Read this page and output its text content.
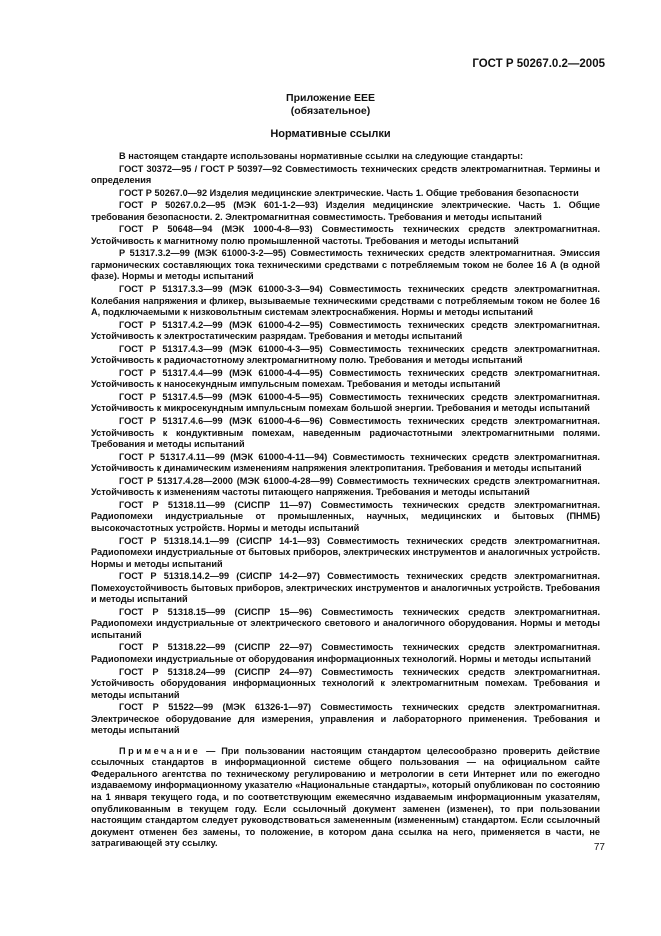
ГОСТ Р 50267.0.2—2005
Приложение ЕЕЕ
(обязательное)
Нормативные ссылки

В настоящем стандарте использованы нормативные ссылки на следующие стандарты:

ГОСТ 30372—95 / ГОСТ Р 50397—92 Совместимость технических средств электромагнитная. Термины и определения

ГОСТ Р 50267.0—92 Изделия медицинские электрические. Часть 1. Общие требования безопасности

ГОСТ Р 50267.0.2—95 (МЭК 601-1-2—93) Изделия медицинские электрические. Часть 1. Общие требования безопасности. 2. Электромагнитная совместимость. Требования и методы испытаний

ГОСТ Р 50648—94 (МЭК 1000-4-8—93) Совместимость технических средств электромагнитная. Устойчивость к магнитному полю промышленной частоты. Требования и методы испытаний

Р 51317.3.2—99 (МЭК 61000-3-2—95) Совместимость технических средств электромагнитная. Эмиссия гармонических составляющих тока техническими средствами с потребляемым током не более 16 А (в одной фазе). Нормы и методы испытаний

ГОСТ Р 51317.3.3—99 (МЭК 61000-3-3—94) Совместимость технических средств электромагнитная. Колебания напряжения и фликер, вызываемые техническими средствами с потребляемым током не более 16 А, подключаемыми к низковольтным системам электроснабжения. Нормы и методы испытаний

ГОСТ Р 51317.4.2—99 (МЭК 61000-4-2—95) Совместимость технических средств электромагнитная. Устойчивость к электростатическим разрядам. Требования и методы испытаний

ГОСТ Р 51317.4.3—99 (МЭК 61000-4-3—95) Совместимость технических средств электромагнитная. Устойчивость к радиочастотному электромагнитному полю. Требования и методы испытаний

ГОСТ Р 51317.4.4—99 (МЭК 61000-4-4—95) Совместимость технических средств электромагнитная. Устойчивость к наносекундным импульсным помехам. Требования и методы испытаний

ГОСТ Р 51317.4.5—99 (МЭК 61000-4-5—95) Совместимость технических средств электромагнитная. Устойчивость к микросекундным импульсным помехам большой энергии. Требования и методы испытаний

ГОСТ Р 51317.4.6—99 (МЭК 61000-4-6—96) Совместимость технических средств электромагнитная. Устойчивость к кондуктивным помехам, наведенным радиочастотными электромагнитными полями. Требования и методы испытаний

ГОСТ Р 51317.4.11—99 (МЭК 61000-4-11—94) Совместимость технических средств электромагнитная. Устойчивость к динамическим изменениям напряжения электропитания. Требования и методы испытаний

ГОСТ Р 51317.4.28—2000 (МЭК 61000-4-28—99) Совместимость технических средств электромагнитная. Устойчивость к изменениям частоты питающего напряжения. Требования и методы испытаний

ГОСТ Р 51318.11—99 (СИСПР 11—97) Совместимость технических средств электромагнитная. Радиопомехи индустриальные от промышленных, научных, медицинских и бытовых (ПНМБ) высокочастотных устройств. Нормы и методы испытаний

ГОСТ Р 51318.14.1—99 (СИСПР 14-1—93) Совместимость технических средств электромагнитная. Радиопомехи индустриальные от бытовых приборов, электрических инструментов и аналогичных устройств. Нормы и методы испытаний

ГОСТ Р 51318.14.2—99 (СИСПР 14-2—97) Совместимость технических средств электромагнитная. Помехоустойчивость бытовых приборов, электрических инструментов и аналогичных устройств. Требования и методы испытаний

ГОСТ Р 51318.15—99 (СИСПР 15—96) Совместимость технических средств электромагнитная. Радиопомехи индустриальные от электрического светового и аналогичного оборудования. Нормы и методы испытаний

ГОСТ Р 51318.22—99 (СИСПР 22—97) Совместимость технических средств электромагнитная. Радиопомехи индустриальные от оборудования информационных технологий. Нормы и методы испытаний

ГОСТ Р 51318.24—99 (СИСПР 24—97) Совместимость технических средств электромагнитная. Устойчивость оборудования информационных технологий к электромагнитным помехам. Требования и методы испытаний

ГОСТ Р 51522—99 (МЭК 61326-1—97) Совместимость технических средств электромагнитная. Электрическое оборудование для измерения, управления и лабораторного применения. Требования и методы испытаний

Примечание — При пользовании настоящим стандартом целесообразно проверить действие ссылочных стандартов в информационной системе общего пользования — на официальном сайте Федерального агентства по техническому регулированию и метрологии в сети Интернет или по ежегодно издаваемому информационному указателю «Национальные стандарты», который опубликован по состоянию на 1 января текущего года, и по соответствующим ежемесячно издаваемым информационным указателям, опубликованным в текущем году. Если ссылочный документ заменен (изменен), то при пользовании настоящим стандартом следует руководствоваться замененным (измененным) стандартом. Если ссылочный документ отменен без замены, то положение, в котором дана ссылка на него, применяется в части, не затрагивающей эту ссылку.	77
